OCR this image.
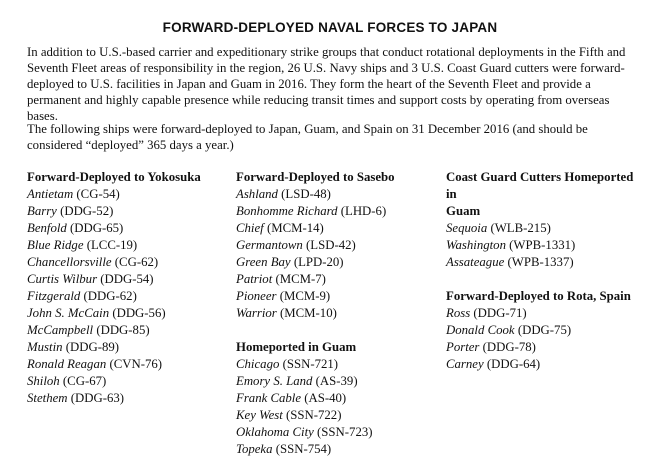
FORWARD-DEPLOYED NAVAL FORCES TO JAPAN

In addition to U.S.-based carrier and expeditionary strike groups that conduct rotational deployments in the Fifth and Seventh Fleet areas of responsibility in the region, 26 U.S. Navy ships and 3 U.S. Coast Guard cutters were forward-deployed to U.S. facilities in Japan and Guam in 2016. They form the heart of the Seventh Fleet and provide a permanent and highly capable presence while reducing transit times and support costs by operating from overseas bases.

The following ships were forward-deployed to Japan, Guam, and Spain on 31 December 2016 (and should be considered “deployed” 365 days a year.)

Forward-Deployed to Yokosuka

Antietam (CG-54)

Barry (DDG-52)

Benfold (DDG-65)

Blue Ridge (LCC-19)

Chancellorsville (CG-62)

Curtis Wilbur (DDG-54)

Fitzgerald (DDG-62)

John S. McCain (DDG-56)

McCampbell (DDG-85)

Mustin (DDG-89)

Ronald Reagan (CVN-76)

Shiloh (CG-67)

Stethem (DDG-63)

Forward-Deployed to Sasebo

Ashland (LSD-48)

Bonhomme Richard (LHD-6)

Chief (MCM-14)

Germantown (LSD-42)

Green Bay (LPD-20)

Patriot (MCM-7)

Pioneer (MCM-9)

Warrior (MCM-10)

Homeported in Guam

Chicago (SSN-721)

Emory S. Land (AS-39)

Frank Cable (AS-40)

Key West (SSN-722)

Oklahoma City (SSN-723)

Topeka (SSN-754)

Coast Guard Cutters Homeported in
Guam

Sequoia (WLB-215)

Washington (WPB-1331)

Assateague (WPB-1337)

Forward-Deployed to Rota, Spain

Ross (DDG-71)

Donald Cook (DDG-75)

Porter (DDG-78)

Carney (DDG-64)
